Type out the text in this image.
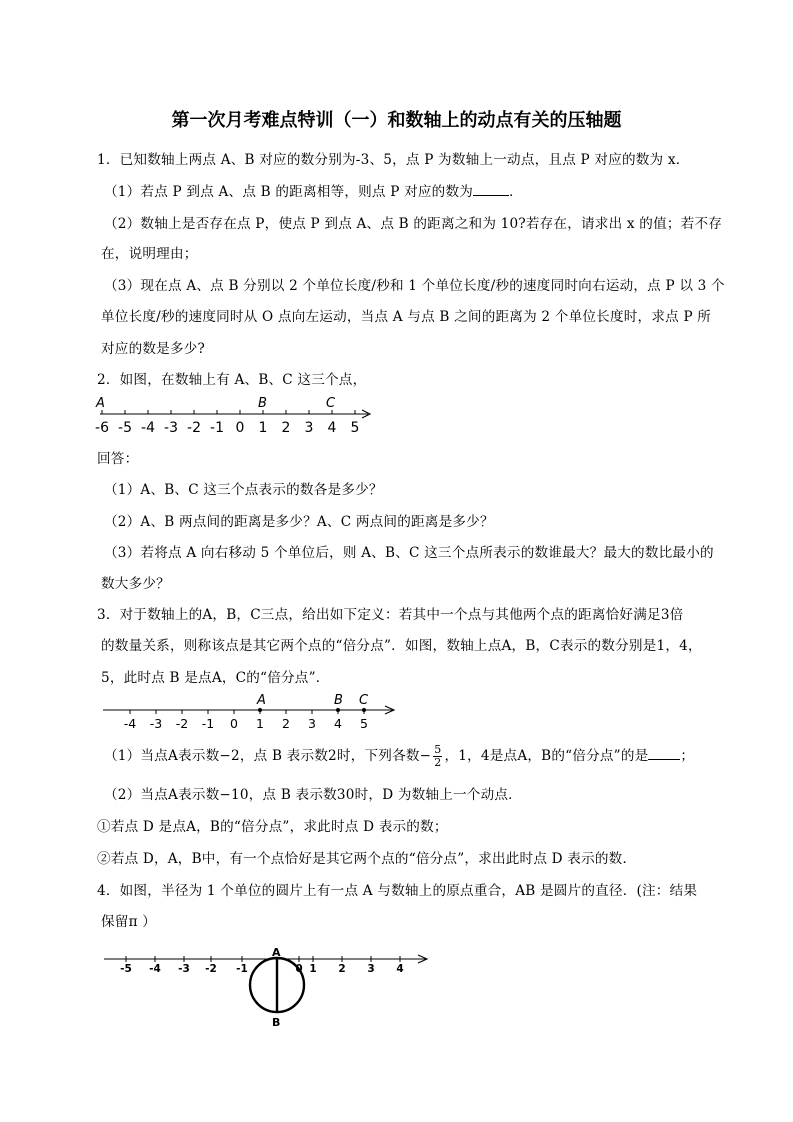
第一次月考难点特训（一）和数轴上的动点有关的压轴题
1．已知数轴上两点 A、B 对应的数分别为-3、5，点 P 为数轴上一动点，且点 P 对应的数为 x．
（1）若点 P 到点 A、点 B 的距离相等，则点 P 对应的数为	．
（2）数轴上是否存在点 P，使点 P 到点 A、点 B 的距离之和为 10?若存在，请求出 x 的值；若不存
在，说明理由；
（3）现在点 A、点 B 分别以 2 个单位长度/秒和 1 个单位长度/秒的速度同时向右运动，点 P 以 3 个
单位长度/秒的速度同时从 O 点向左运动，当点 A 与点 B 之间的距离为 2 个单位长度时，求点 P 所
对应的数是多少?
2．如图，在数轴上有 A、B、C 这三个点，
-6 -5 -4 -3 -2 -1 0 1 2 3 4 5
A	B	C
回答：
（1）A、B、C 这三个点表示的数各是多少？
（2）A、B 两点间的距离是多少？A、C 两点间的距离是多少？
（3）若将点 A 向右移动 5 个单位后，则 A、B、C 这三个点所表示的数谁最大？最大的数比最小的
数大多少？
3．对于数轴上的A，B，C三点，给出如下定义：若其中一个点与其他两个点的距离恰好满足3倍
的数量关系，则称该点是其它两个点的“倍分点”．如图，数轴上点A，B，C表示的数分别是1，4，
5，此时点 B 是点A，C的“倍分点”．
-4 -3 -2 -1 0 1 2 3 4 5
A	B C
（1）当点A表示数−2，点 B 表示数2时，下列各数− $\frac{5}{2}$ ，1，4是点A，B的“倍分点”的是 ；
（2）当点A表示数−10，点 B 表示数30时，D 为数轴上一个动点．
①若点 D 是点A，B的“倍分点”，求此时点 D 表示的数；
②若点 D，A，B中，有一个点恰好是其它两个点的“倍分点”，求出此时点 D 表示的数．
4．如图，半径为 1 个单位的圆片上有一点 A 与数轴上的原点重合，AB 是圆片的直径．(注：结果
保留π ）
-5 -4 -3 -2 -1	0 1 2 3 4
A
B
